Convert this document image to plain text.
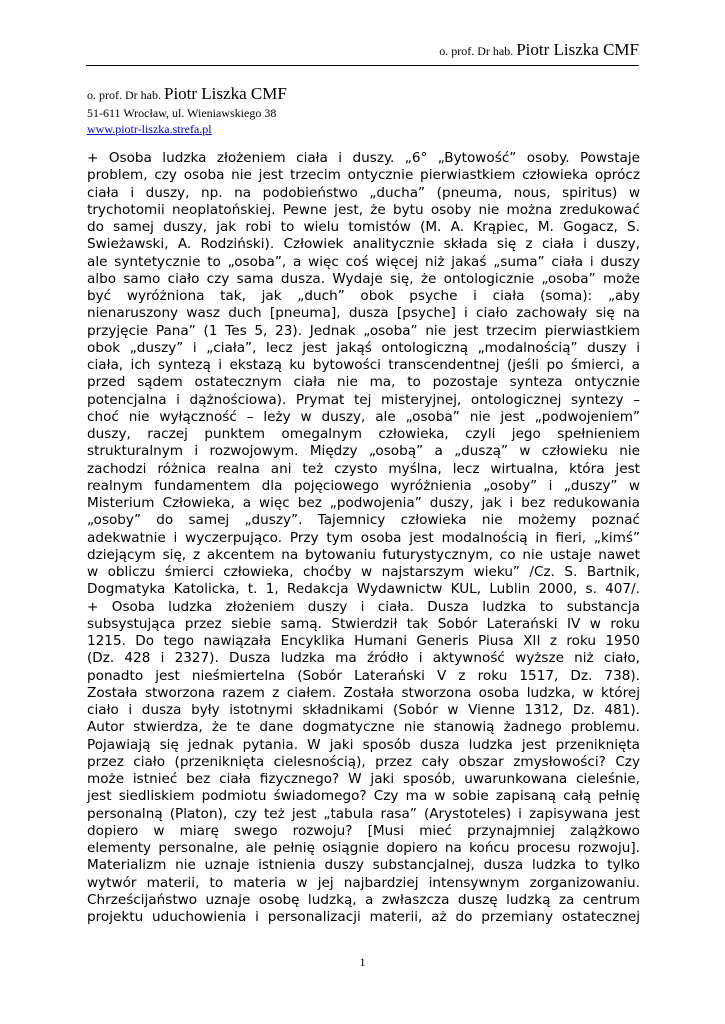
o. prof. Dr hab. Piotr Liszka CMF
o. prof. Dr hab. Piotr Liszka CMF
51-611 Wrocław, ul. Wieniawskiego 38
www.piotr-liszka.strefa.pl
+ Osoba ludzka złożeniem ciała i duszy. „6° „Bytowość” osoby. Powstaje
problem, czy osoba nie jest trzecim ontycznie pierwiastkiem człowieka oprócz
ciała i duszy, np. na podobieństwo „ducha” (pneuma, nous, spiritus) w
trychotomii neoplatońskiej. Pewne jest, że bytu osoby nie można zredukować
do samej duszy, jak robi to wielu tomistów (M. A. Krąpiec, M. Gogacz, S.
Swieżawski, A. Rodziński). Człowiek analitycznie składa się z ciała i duszy,
ale syntetycznie to „osoba”, a więc coś więcej niż jakaś „suma” ciała i duszy
albo samo ciało czy sama dusza. Wydaje się, że ontologicznie „osoba” może
być wyróżniona tak, jak „duch” obok psyche i ciała (soma): „aby
nienaruszony wasz duch [pneuma], dusza [psyche] i ciało zachowały się na
przyjęcie Pana” (1 Tes 5, 23). Jednak „osoba” nie jest trzecim pierwiastkiem
obok „duszy” i „ciała”, lecz jest jakąś ontologiczną „modalnością” duszy i
ciała, ich syntezą i ekstazą ku bytowości transcendentnej (jeśli po śmierci, a
przed sądem ostatecznym ciała nie ma, to pozostaje synteza ontycznie
potencjalna i dążnościowa). Prymat tej misteryjnej, ontologicznej syntezy –
choć nie wyłączność – leży w duszy, ale „osoba” nie jest „podwojeniem”
duszy, raczej punktem omegalnym człowieka, czyli jego spełnieniem
strukturalnym i rozwojowym. Między „osobą” a „duszą” w człowieku nie
zachodzi różnica realna ani też czysto myślna, lecz wirtualna, która jest
realnym fundamentem dla pojęciowego wyróżnienia „osoby” i „duszy” w
Misterium Człowieka, a więc bez „podwojenia” duszy, jak i bez redukowania
„osoby” do samej „duszy”. Tajemnicy człowieka nie możemy poznać
adekwatnie i wyczerpująco. Przy tym osoba jest modalnością in fieri, „kimś”
dziejącym się, z akcentem na bytowaniu futurystycznym, co nie ustaje nawet
w obliczu śmierci człowieka, choćby w najstarszym wieku” /Cz. S. Bartnik,
Dogmatyka Katolicka, t. 1, Redakcja Wydawnictw KUL, Lublin 2000, s. 407/.
+ Osoba ludzka złożeniem duszy i ciała. Dusza ludzka to substancja
subsystująca przez siebie samą. Stwierdził tak Sobór Laterański IV w roku
1215. Do tego nawiązała Encyklika Humani Generis Piusa XII z roku 1950
(Dz. 428 i 2327). Dusza ludzka ma źródło i aktywność wyższe niż ciało,
ponadto jest nieśmiertelna (Sobór Laterański V z roku 1517, Dz. 738).
Została stworzona razem z ciałem. Została stworzona osoba ludzka, w której
ciało i dusza były istotnymi składnikami (Sobór w Vienne 1312, Dz. 481).
Autor stwierdza, że te dane dogmatyczne nie stanowią żadnego problemu.
Pojawiają się jednak pytania. W jaki sposób dusza ludzka jest przeniknięta
przez ciało (przeniknięta cielesnością), przez cały obszar zmysłowości? Czy
może istnieć bez ciała fizycznego? W jaki sposób, uwarunkowana cieleśnie,
jest siedliskiem podmiotu świadomego? Czy ma w sobie zapisaną całą pełnię
personalną (Platon), czy też jest „tabula rasa” (Arystoteles) i zapisywana jest
dopiero w miarę swego rozwoju? [Musi mieć przynajmniej zalążkowo
elementy personalne, ale pełnię osiągnie dopiero na końcu procesu rozwoju].
Materializm nie uznaje istnienia duszy substancjalnej, dusza ludzka to tylko
wytwór materii, to materia w jej najbardziej intensywnym zorganizowaniu.
Chrześcijaństwo uznaje osobę ludzką, a zwłaszcza duszę ludzką za centrum
projektu uduchowienia i personalizacji materii, aż do przemiany ostatecznej
1
